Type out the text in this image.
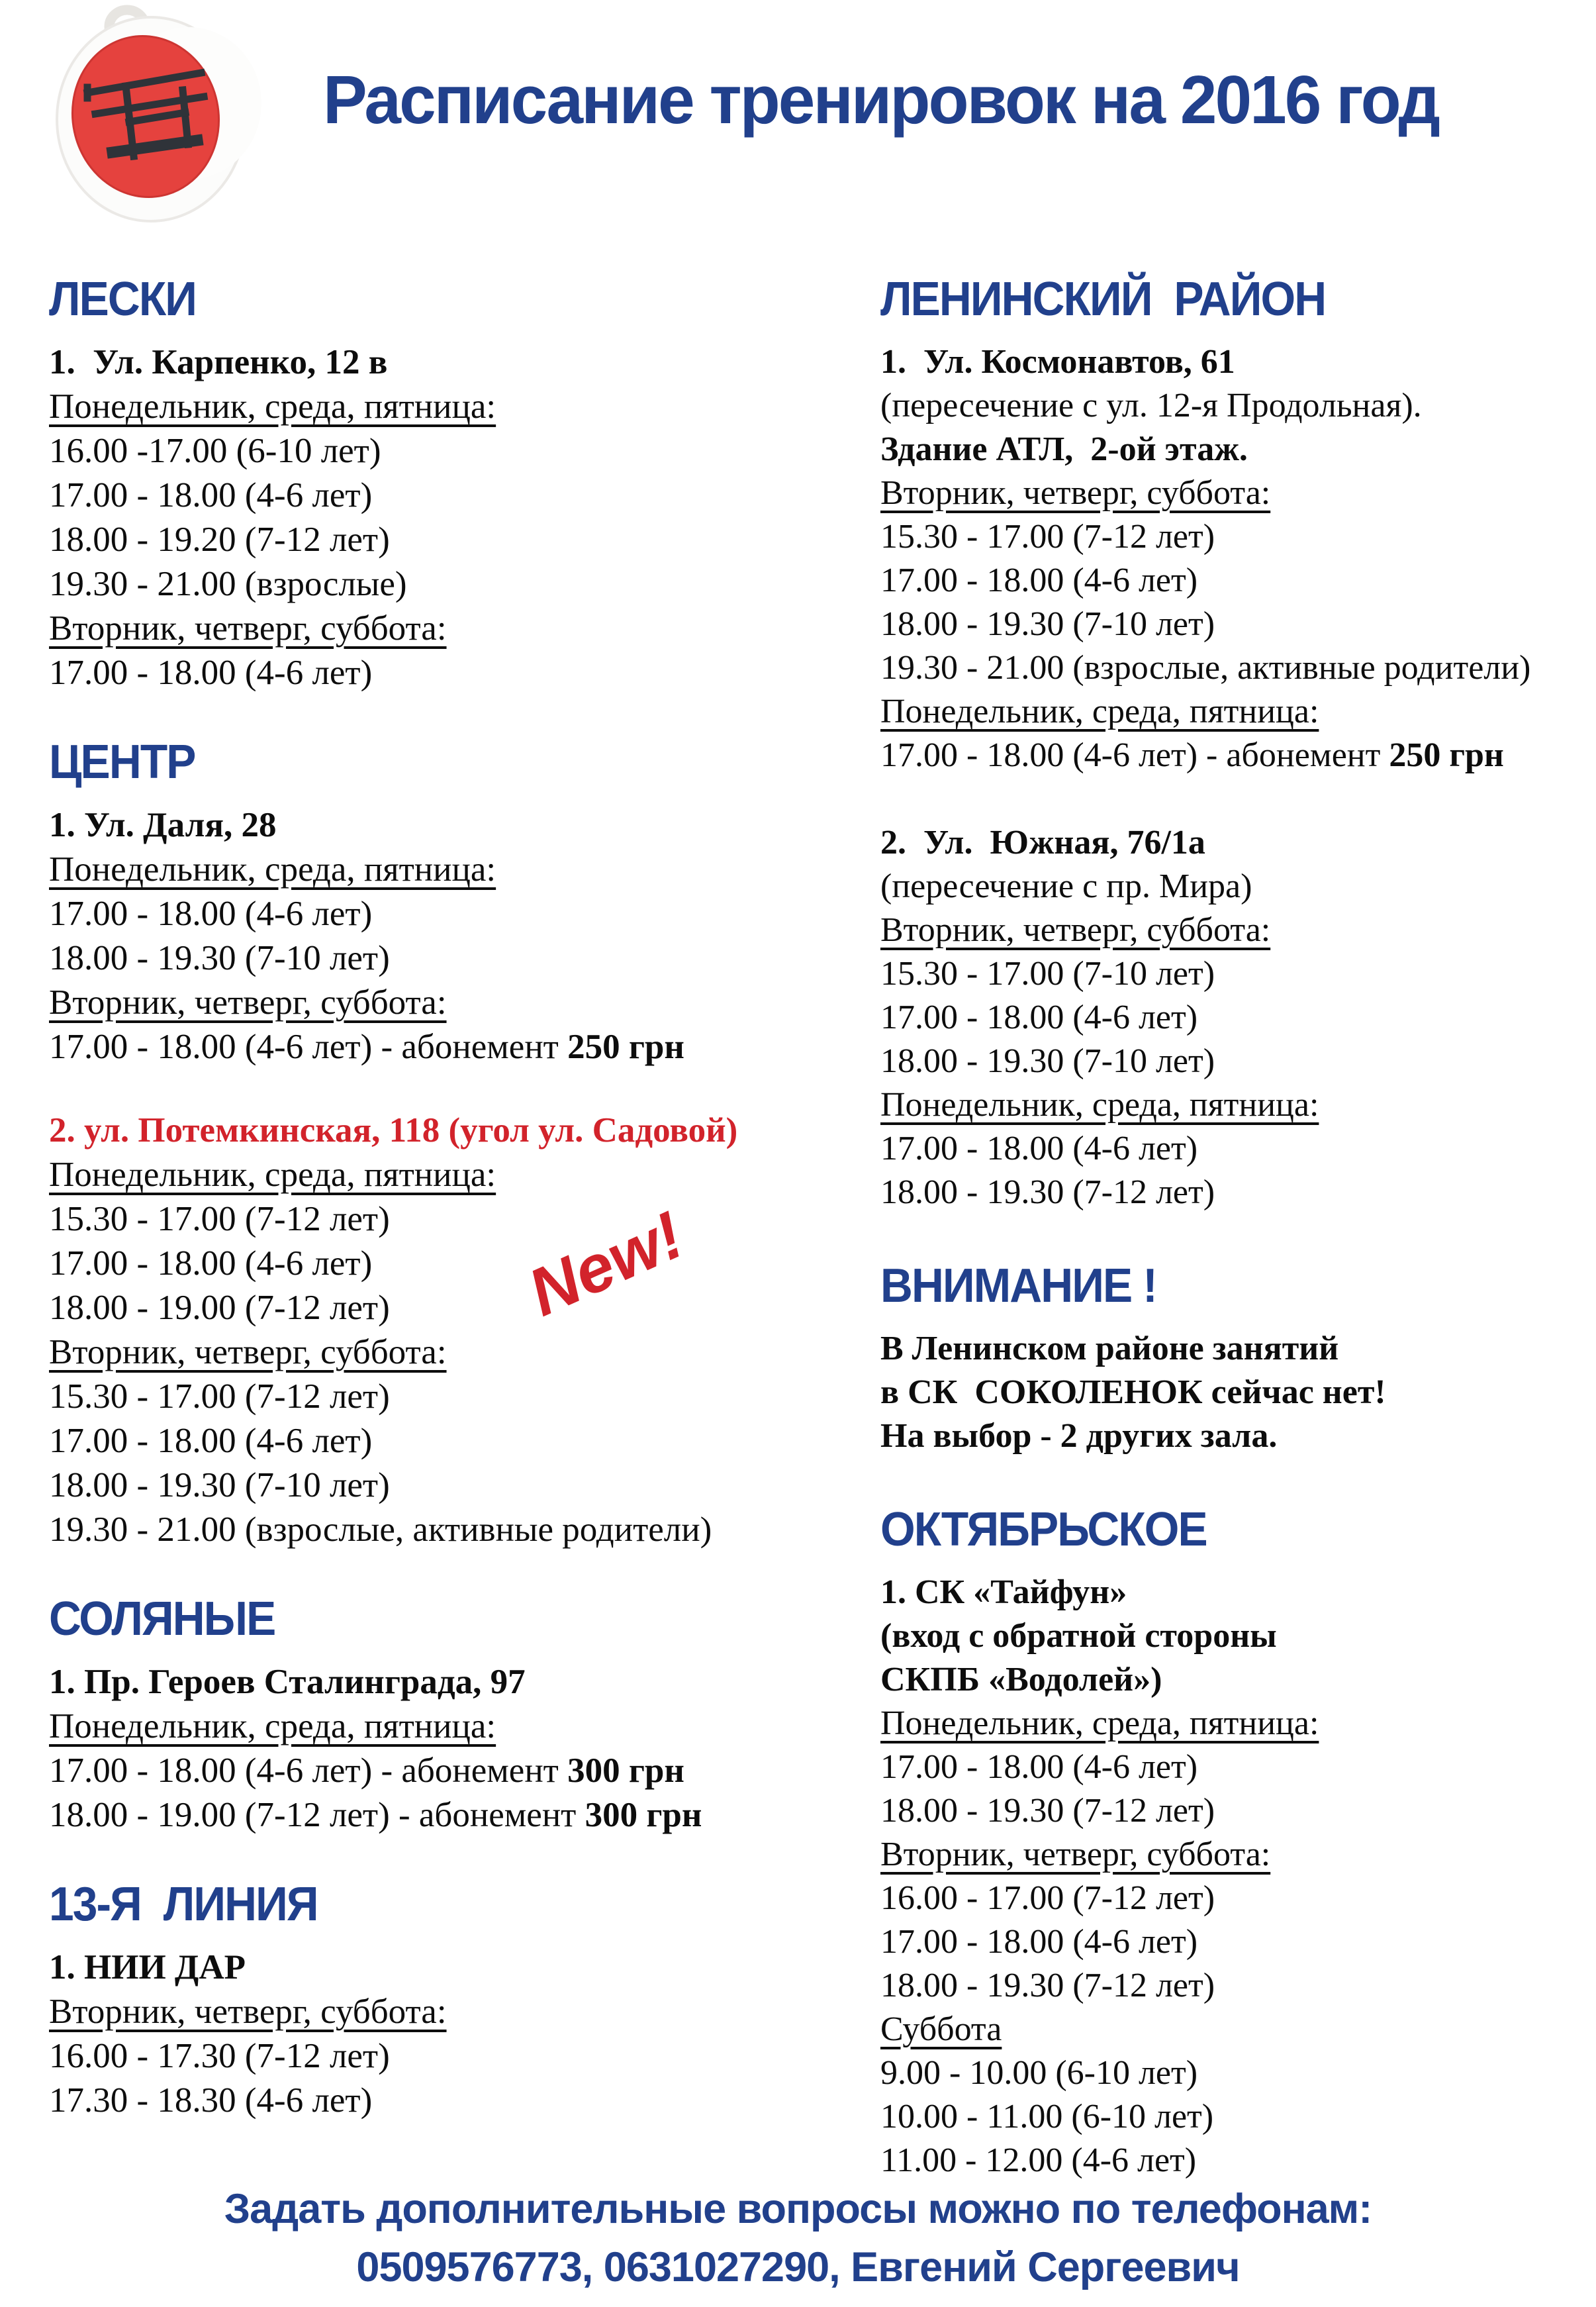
Расписание тренировок на 2016 год
ЛЕСКИ
1.  Ул. Карпенко, 12 в
Понедельник, среда, пятница:
16.00 -17.00 (6-10 лет)
17.00 - 18.00 (4-6 лет)
18.00 - 19.20 (7-12 лет)
19.30 - 21.00 (взрослые)
Вторник, четверг, суббота:
17.00 - 18.00 (4-6 лет)
ЦЕНТР
1. Ул. Даля, 28
Понедельник, среда, пятница:
17.00 - 18.00 (4-6 лет)
18.00 - 19.30 (7-10 лет)
Вторник, четверг, суббота:
17.00 - 18.00 (4-6 лет) - абонемент 250 грн
2. ул. Потемкинская, 118 (угол ул. Садовой)
Понедельник, среда, пятница:
15.30 - 17.00 (7-12 лет)
17.00 - 18.00 (4-6 лет)
18.00 - 19.00 (7-12 лет)
Вторник, четверг, суббота:
15.30 - 17.00 (7-12 лет)
17.00 - 18.00 (4-6 лет)
18.00 - 19.30 (7-10 лет)
19.30 - 21.00 (взрослые, активные родители)
СОЛЯНЫЕ
1. Пр. Героев Сталинграда, 97
Понедельник, среда, пятница:
17.00 - 18.00 (4-6 лет) - абонемент 300 грн
18.00 - 19.00 (7-12 лет) - абонемент 300 грн
13-Я  ЛИНИЯ
1. НИИ ДАР
Вторник, четверг, суббота:
16.00 - 17.30 (7-12 лет)
17.30 - 18.30 (4-6 лет)
ЛЕНИНСКИЙ  РАЙОН
1.  Ул. Космонавтов, 61
(пересечение с ул. 12-я Продольная).
Здание АТЛ,  2-ой этаж.
Вторник, четверг, суббота:
15.30 - 17.00 (7-12 лет)
17.00 - 18.00 (4-6 лет)
18.00 - 19.30 (7-10 лет)
19.30 - 21.00 (взрослые, активные родители)
Понедельник, среда, пятница:
17.00 - 18.00 (4-6 лет) - абонемент 250 грн
2.  Ул.  Южная, 76/1а
(пересечение с пр. Мира)
Вторник, четверг, суббота:
15.30 - 17.00 (7-10 лет)
17.00 - 18.00 (4-6 лет)
18.00 - 19.30 (7-10 лет)
Понедельник, среда, пятница:
17.00 - 18.00 (4-6 лет)
18.00 - 19.30 (7-12 лет)
ВНИМАНИЕ !
В Ленинском районе занятий
в СК  СОКОЛЕНОК сейчас нет!
На выбор - 2 других зала.
ОКТЯБРЬСКОЕ
1. СК «Тайфун»
(вход с обратной стороны
СКПБ «Водолей»)
Понедельник, среда, пятница:
17.00 - 18.00 (4-6 лет)
18.00 - 19.30 (7-12 лет)
Вторник, четверг, суббота:
16.00 - 17.00 (7-12 лет)
17.00 - 18.00 (4-6 лет)
18.00 - 19.30 (7-12 лет)
Суббота
9.00 - 10.00 (6-10 лет)
10.00 - 11.00 (6-10 лет)
11.00 - 12.00 (4-6 лет)
New!
Задать дополнительные вопросы можно по телефонам:
0509576773, 0631027290, Евгений Сергеевич
